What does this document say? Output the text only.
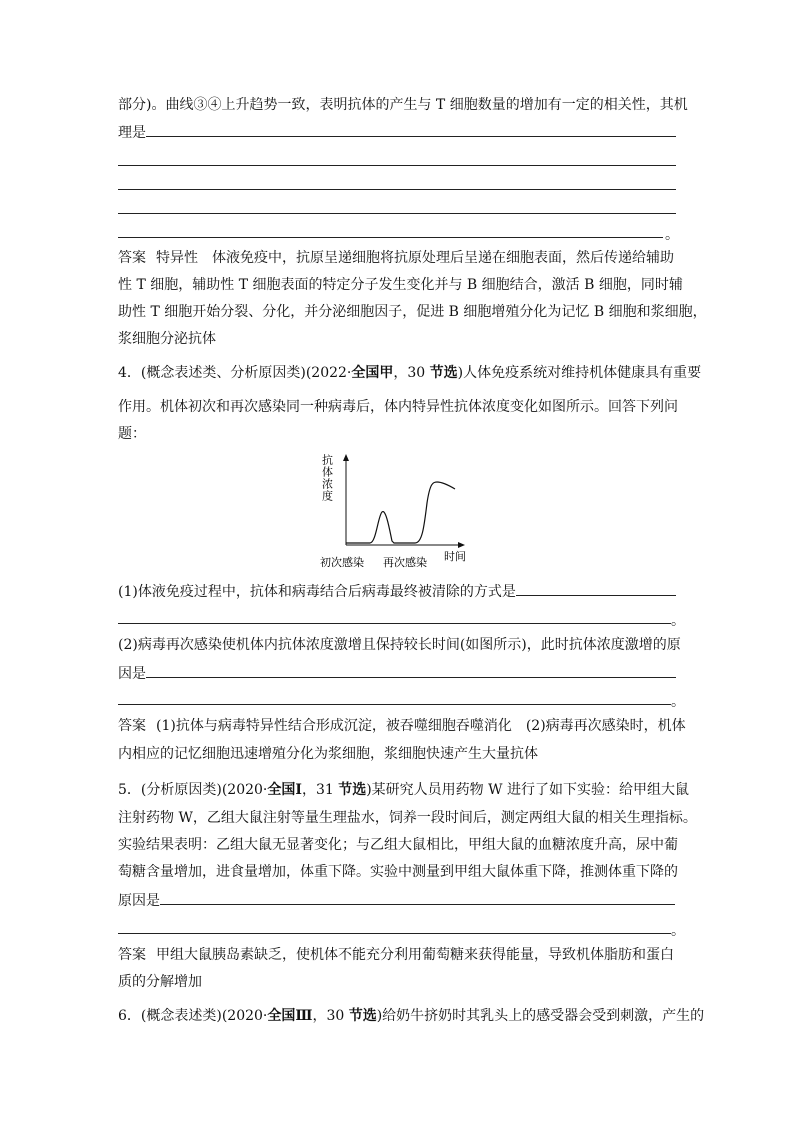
部分)。曲线③④上升趋势一致，表明抗体的产生与 T 细胞数量的增加有一定的相关性，其机
理是
。
答案 特异性　体液免疫中，抗原呈递细胞将抗原处理后呈递在细胞表面，然后传递给辅助
性 T 细胞，辅助性 T 细胞表面的特定分子发生变化并与 B 细胞结合，激活 B 细胞，同时辅
助性 T 细胞开始分裂、分化，并分泌细胞因子，促进 B 细胞增殖分化为记忆 B 细胞和浆细胞，
浆细胞分泌抗体
4．(概念表述类、分析原因类)(2022·全国甲，30 节选)人体免疫系统对维持机体健康具有重要
作用。机体初次和再次感染同一种病毒后，体内特异性抗体浓度变化如图所示。回答下列问
题：
抗体浓度
初次感染 再次感染 时间
(1)体液免疫过程中，抗体和病毒结合后病毒最终被清除的方式是
。
(2)病毒再次感染使机体内抗体浓度激增且保持较长时间(如图所示)，此时抗体浓度激增的原
因是
。
答案 (1)抗体与病毒特异性结合形成沉淀，被吞噬细胞吞噬消化　(2)病毒再次感染时，机体
内相应的记忆细胞迅速增殖分化为浆细胞，浆细胞快速产生大量抗体
5．(分析原因类)(2020·全国Ⅰ，31 节选)某研究人员用药物 W 进行了如下实验：给甲组大鼠
注射药物 W，乙组大鼠注射等量生理盐水，饲养一段时间后，测定两组大鼠的相关生理指标。
实验结果表明：乙组大鼠无显著变化；与乙组大鼠相比，甲组大鼠的血糖浓度升高，尿中葡
萄糖含量增加，进食量增加，体重下降。实验中测量到甲组大鼠体重下降，推测体重下降的
原因是
。
答案 甲组大鼠胰岛素缺乏，使机体不能充分利用葡萄糖来获得能量，导致机体脂肪和蛋白
质的分解增加
6．(概念表述类)(2020·全国Ⅲ，30 节选)给奶牛挤奶时其乳头上的感受器会受到刺激，产生的
